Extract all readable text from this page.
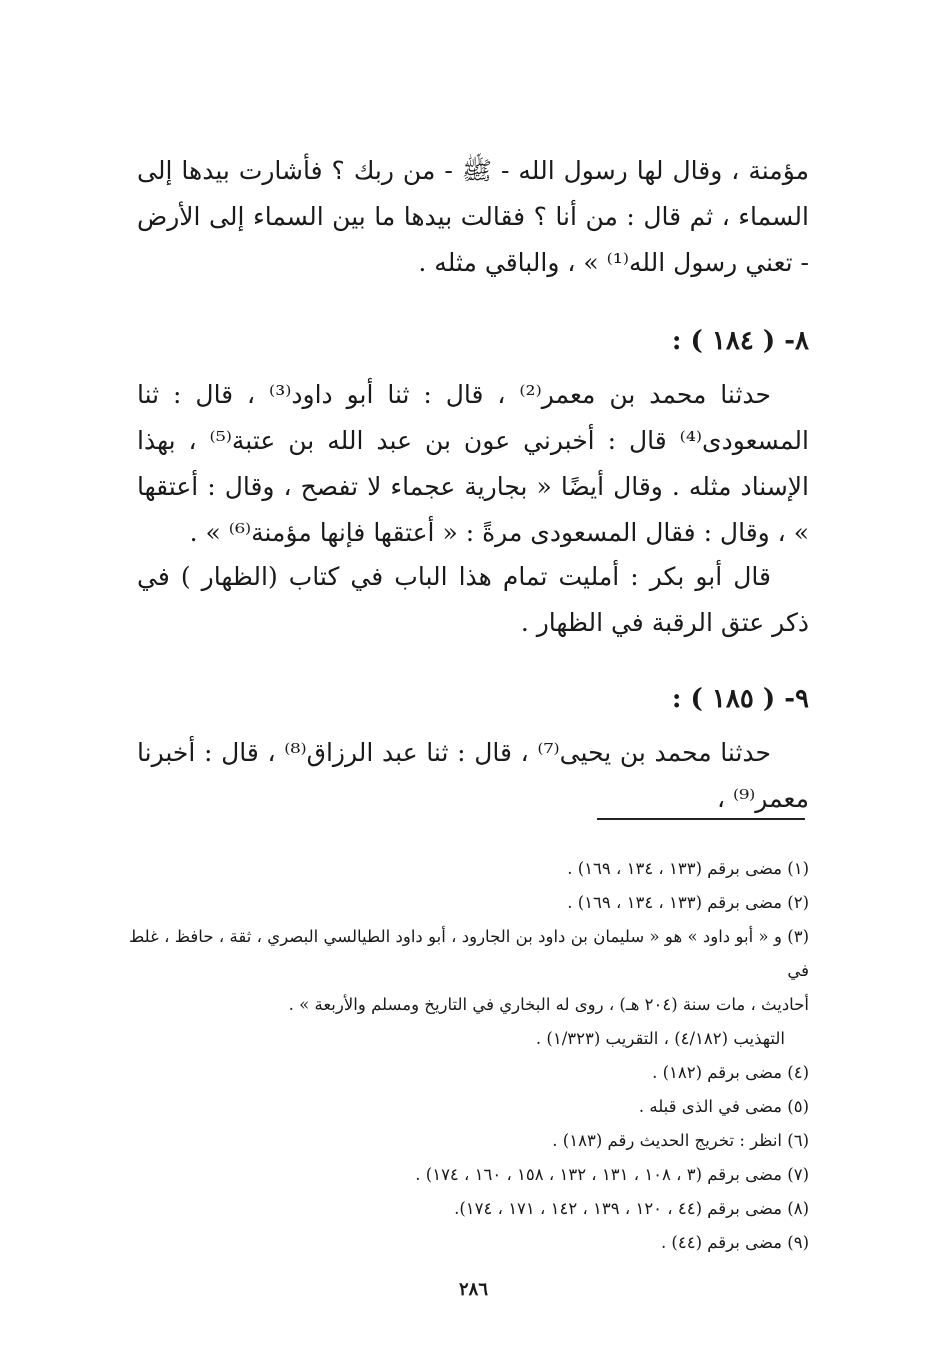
مؤمنة ، وقال لها رسول الله - ﷺ - من ربك ؟ فأشارت بيدها إلى السماء ، ثم قال : من أنا ؟ فقالت بيدها ما بين السماء إلى الأرض - تعني رسول الله⁽¹⁾ » ، والباقي مثله .

٨- ( ١٨٤ ) :

حدثنا محمد بن معمر⁽²⁾ ، قال : ثنا أبو داود⁽³⁾ ، قال : ثنا المسعودى⁽⁴⁾ قال : أخبرني عون بن عبد الله بن عتبة⁽⁵⁾ ، بهذا الإسناد مثله . وقال أيضًا « بجارية عجماء لا تفصح ، وقال : أعتقها » ، وقال : فقال المسعودى مرةً : « أعتقها فإنها مؤمنة⁽⁶⁾ » .

قال أبو بكر : أمليت تمام هذا الباب في كتاب (الظهار ) في ذكر عتق الرقبة في الظهار .

٩- ( ١٨٥ ) :

حدثنا محمد بن يحيى⁽⁷⁾ ، قال : ثنا عبد الرزاق⁽⁸⁾ ، قال : أخبرنا معمر⁽⁹⁾ ،

(١) مضى برقم (١٣٣ ، ١٣٤ ، ١٦٩) .

(٢) مضى برقم (١٣٣ ، ١٣٤ ، ١٦٩) .

(٣) و « أبو داود » هو « سليمان بن داود بن الجارود ، أبو داود الطيالسي البصري ، ثقة ، حافظ ، غلط في

أحاديث ، مات سنة (٢٠٤ هـ) ، روى له البخاري في التاريخ ومسلم والأربعة » .

التهذيب (٤/١٨٢) ، التقريب (١/٣٢٣) .

(٤) مضى برقم (١٨٢) .

(٥) مضى في الذى قبله .

(٦) انظر : تخريج الحديث رقم (١٨٣) .

(٧) مضى برقم (٣ ، ١٠٨ ، ١٣١ ، ١٣٢ ، ١٥٨ ، ١٦٠ ، ١٧٤) .

(٨) مضى برقم (٤٤ ، ١٢٠ ، ١٣٩ ، ١٤٢ ، ١٧١ ، ١٧٤).

(٩) مضى برقم (٤٤) .

٢٨٦
